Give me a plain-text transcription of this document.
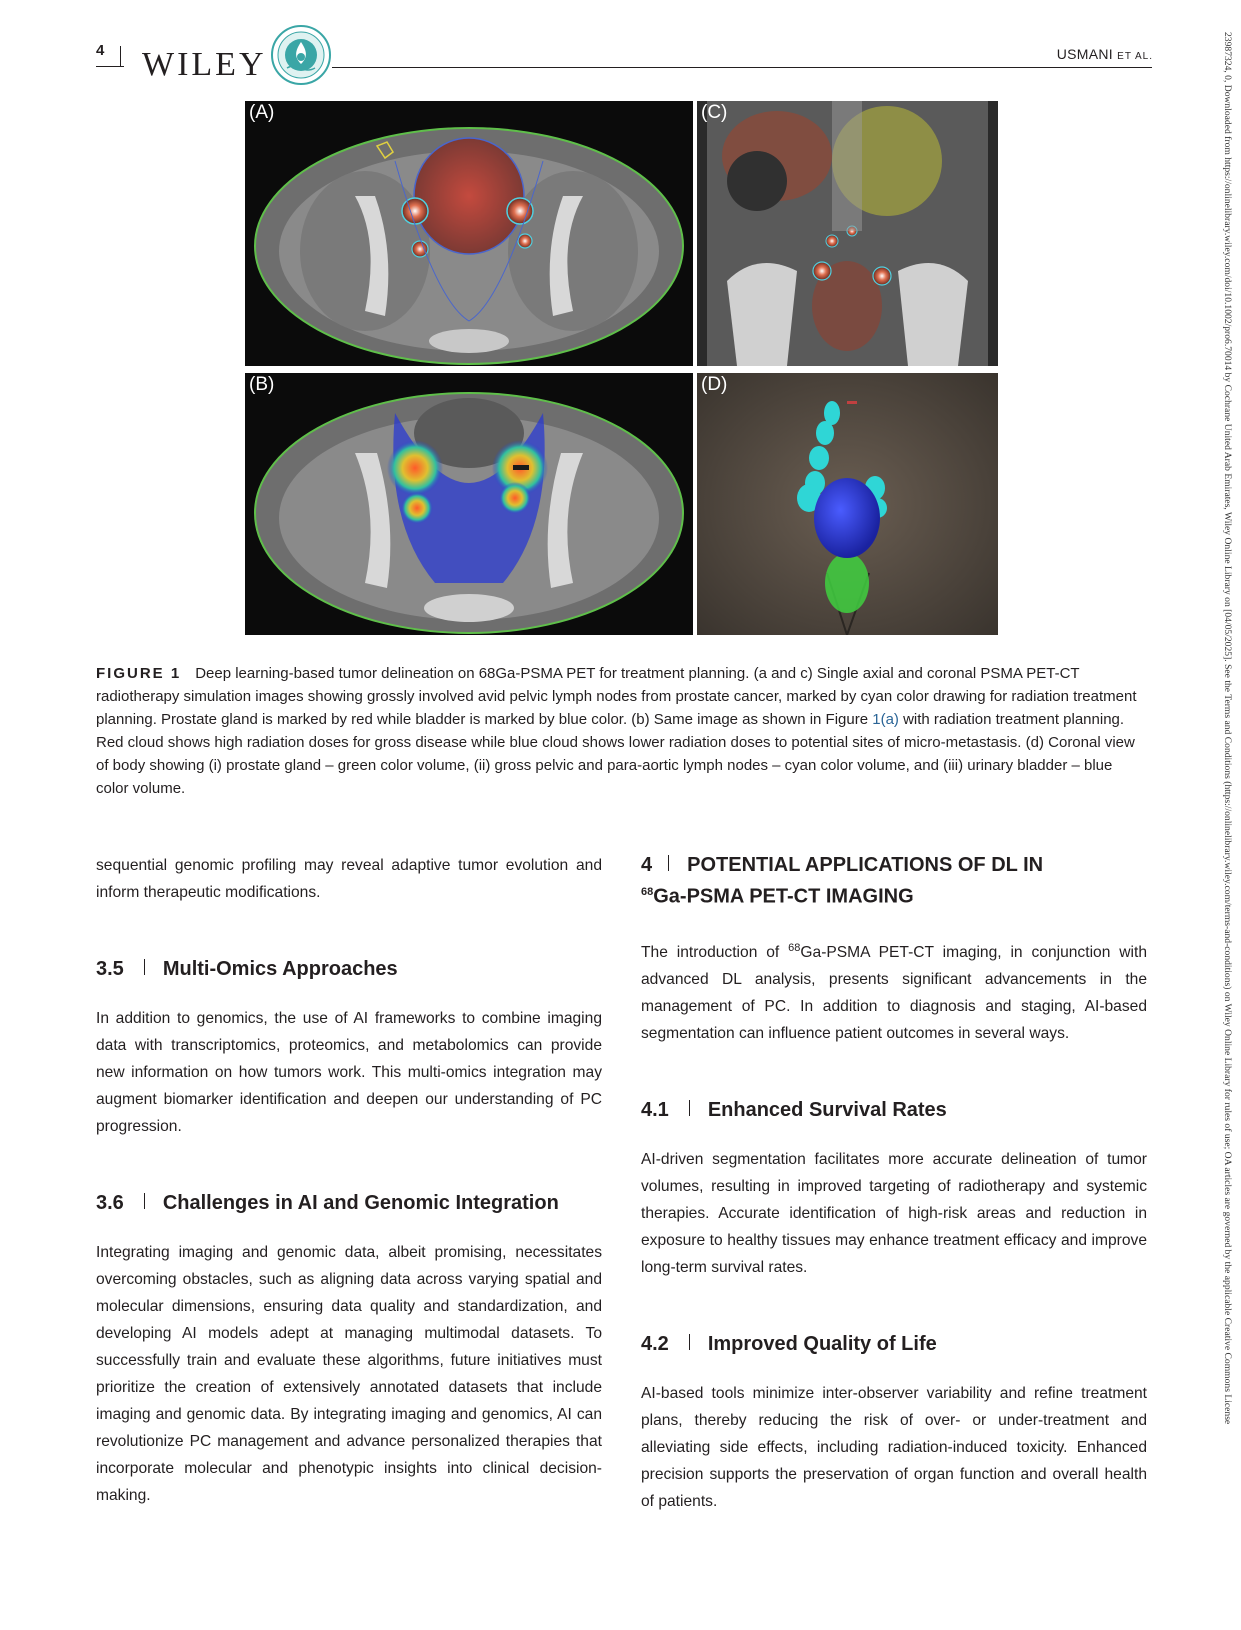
4 WILEY	USMANI ET AL.	23987324, 0, Downloaded from https://onlinelibrary.wiley.com/doi/10.1002/pro6.70014 by Cochrane United Arab Emirates, Wiley Online Library on [04/05/2025]. See the Terms and Conditions (https://onlinelibrary.wiley.com/terms-and-conditions) on Wiley Online Library for rules of use; OA articles are governed by the applicable Creative Commons License
(A)	(C)
(B)	(D)
FIGURE 1 Deep learning-based tumor delineation on 68Ga-PSMA PET for treatment planning. (a and c) Single axial and coronal PSMA PET-CT radiotherapy simulation images showing grossly involved avid pelvic lymph nodes from prostate cancer, marked by cyan color drawing for radiation treatment planning. Prostate gland is marked by red while bladder is marked by blue color. (b) Same image as shown in Figure 1(a) with radiation treatment planning. Red cloud shows high radiation doses for gross disease while blue cloud shows lower radiation doses to potential sites of micro-metastasis. (d) Coronal view of body showing (i) prostate gland – green color volume, (ii) gross pelvic and para-aortic lymph nodes – cyan color volume, and (iii) urinary bladder – blue color volume.

sequential genomic profiling may reveal adaptive tumor evolution and inform therapeutic modifications.

3.5 Multi-Omics Approaches

In addition to genomics, the use of AI frameworks to combine imaging data with transcriptomics, proteomics, and metabolomics can provide new information on how tumors work. This multi-omics integration may augment biomarker identification and deepen our understanding of PC progression.

3.6 Challenges in AI and Genomic Integration

Integrating imaging and genomic data, albeit promising, necessitates overcoming obstacles, such as aligning data across varying spatial and molecular dimensions, ensuring data quality and standardization, and developing AI models adept at managing multimodal datasets. To successfully train and evaluate these algorithms, future initiatives must prioritize the creation of extensively annotated datasets that include imaging and genomic data. By integrating imaging and genomics, AI can revolutionize PC management and advance personalized therapies that incorporate molecular and phenotypic insights into clinical decision-making.

4 POTENTIAL APPLICATIONS OF DL IN
$^{68}$Ga-PSMA PET-CT IMAGING

The introduction of $^{68}$Ga-PSMA PET-CT imaging, in conjunction with advanced DL analysis, presents significant advancements in the management of PC. In addition to diagnosis and staging, AI-based segmentation can influence patient outcomes in several ways.

4.1 Enhanced Survival Rates

AI-driven segmentation facilitates more accurate delineation of tumor volumes, resulting in improved targeting of radiotherapy and systemic therapies. Accurate identification of high-risk areas and reduction in exposure to healthy tissues may enhance treatment efficacy and improve long-term survival rates.

4.2 Improved Quality of Life

AI-based tools minimize inter-observer variability and refine treatment plans, thereby reducing the risk of over- or under-treatment and alleviating side effects, including radiation-induced toxicity. Enhanced precision supports the preservation of organ function and overall health of patients.
